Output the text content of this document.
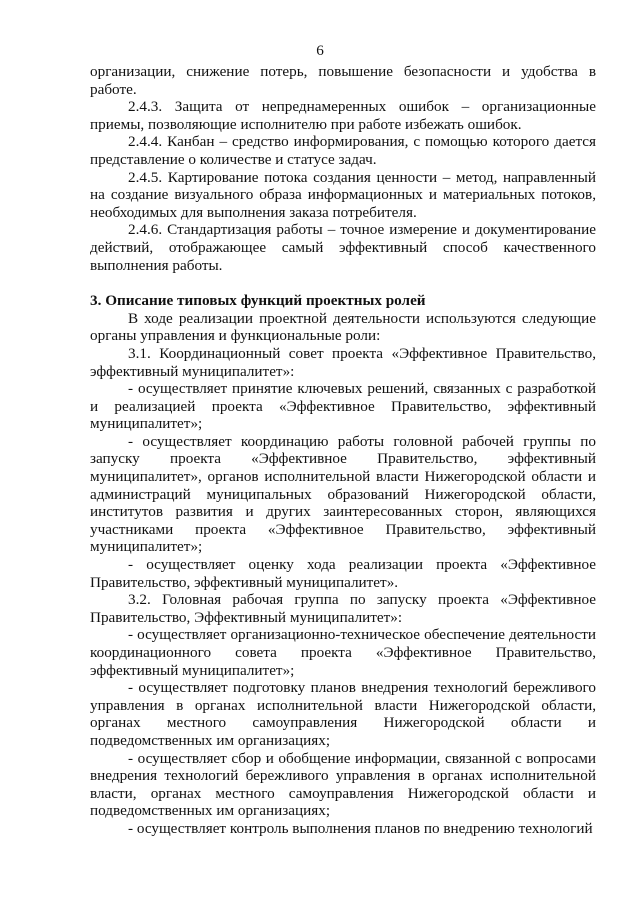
6

организации, снижение потерь, повышение безопасности и удобства в работе.

2.4.3. Защита от непреднамеренных ошибок – организационные приемы, позволяющие исполнителю при работе избежать ошибок.

2.4.4. Канбан – средство информирования, с помощью которого дается представление о количестве и статусе задач.

2.4.5. Картирование потока создания ценности – метод, направленный на создание визуального образа информационных и материальных потоков, необходимых для выполнения заказа потребителя.

2.4.6. Стандартизация работы – точное измерение и документирование действий, отображающее самый эффективный способ качественного выполнения работы.

3. Описание типовых функций проектных ролей

В ходе реализации проектной деятельности используются следующие органы управления и функциональные роли:

3.1. Координационный совет проекта «Эффективное Правительство, эффективный муниципалитет»:

- осуществляет принятие ключевых решений, связанных с разработкой и реализацией проекта «Эффективное Правительство, эффективный муниципалитет»;

- осуществляет координацию работы головной рабочей группы по запуску проекта «Эффективное Правительство, эффективный муниципалитет», органов исполнительной власти Нижегородской области и администраций муниципальных образований Нижегородской области, институтов развития и других заинтересованных сторон, являющихся участниками проекта «Эффективное Правительство, эффективный муниципалитет»;

- осуществляет оценку хода реализации проекта «Эффективное Правительство, эффективный муниципалитет».

3.2. Головная рабочая группа по запуску проекта «Эффективное Правительство, Эффективный муниципалитет»:

- осуществляет организационно-техническое обеспечение деятельности координационного совета проекта «Эффективное Правительство, эффективный муниципалитет»;

- осуществляет подготовку планов внедрения технологий бережливого управления в органах исполнительной власти Нижегородской области, органах местного самоуправления Нижегородской области и подведомственных им организациях;

- осуществляет сбор и обобщение информации, связанной с вопросами внедрения технологий бережливого управления в органах исполнительной власти, органах местного самоуправления Нижегородской области и подведомственных им организациях;

- осуществляет контроль выполнения планов по внедрению технологий
